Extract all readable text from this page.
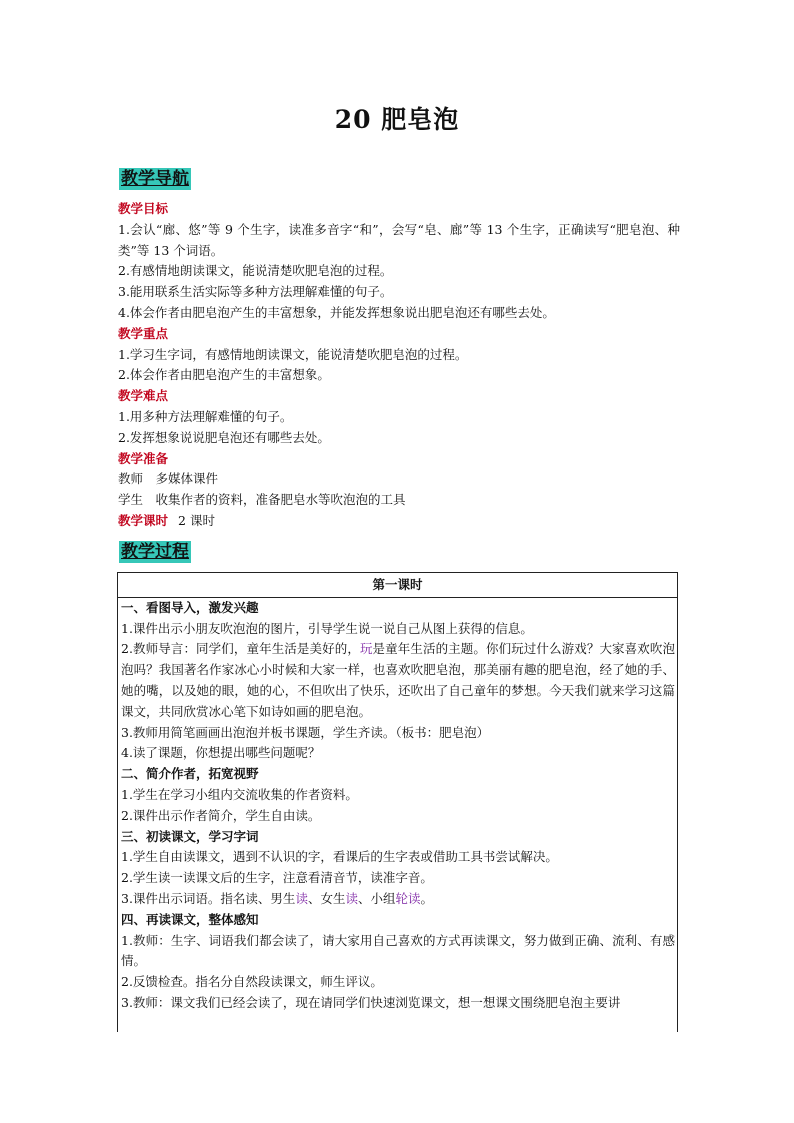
20 肥皂泡
教学导航
教学目标
1.会认“廊、悠”等 9 个生字，读准多音字“和”，会写“皂、廊”等 13 个生字，正确读写“肥皂泡、种类”等 13 个词语。
2.有感情地朗读课文，能说清楚吹肥皂泡的过程。
3.能用联系生活实际等多种方法理解难懂的句子。
4.体会作者由肥皂泡产生的丰富想象，并能发挥想象说出肥皂泡还有哪些去处。
教学重点
1.学习生字词，有感情地朗读课文，能说清楚吹肥皂泡的过程。
2.体会作者由肥皂泡产生的丰富想象。
教学难点
1.用多种方法理解难懂的句子。
2.发挥想象说说肥皂泡还有哪些去处。
教学准备
教师　多媒体课件
学生　收集作者的资料，准备肥皂水等吹泡泡的工具
教学课时 2 课时
教学过程
第一课时
一、看图导入，激发兴趣
1.课件出示小朋友吹泡泡的图片，引导学生说一说自己从图上获得的信息。
2.教师导言：同学们，童年生活是美好的，玩是童年生活的主题。你们玩过什么游戏？大家喜欢吹泡泡吗？我国著名作家冰心小时候和大家一样，也喜欢吹肥皂泡，那美丽有趣的肥皂泡，经了她的手、她的嘴，以及她的眼，她的心，不但吹出了快乐，还吹出了自己童年的梦想。今天我们就来学习这篇课文，共同欣赏冰心笔下如诗如画的肥皂泡。
3.教师用简笔画画出泡泡并板书课题，学生齐读。（板书：肥皂泡）
4.读了课题，你想提出哪些问题呢？
二、简介作者，拓宽视野
1.学生在学习小组内交流收集的作者资料。
2.课件出示作者简介，学生自由读。
三、初读课文，学习字词
1.学生自由读课文，遇到不认识的字，看课后的生字表或借助工具书尝试解决。
2.学生读一读课文后的生字，注意看清音节，读准字音。
3.课件出示词语。指名读、男生读、女生读、小组轮读。
四、再读课文，整体感知
1.教师：生字、词语我们都会读了，请大家用自己喜欢的方式再读课文，努力做到正确、流利、有感情。
2.反馈检查。指名分自然段读课文，师生评议。
3.教师：课文我们已经会读了，现在请同学们快速浏览课文，想一想课文围绕肥皂泡主要讲
